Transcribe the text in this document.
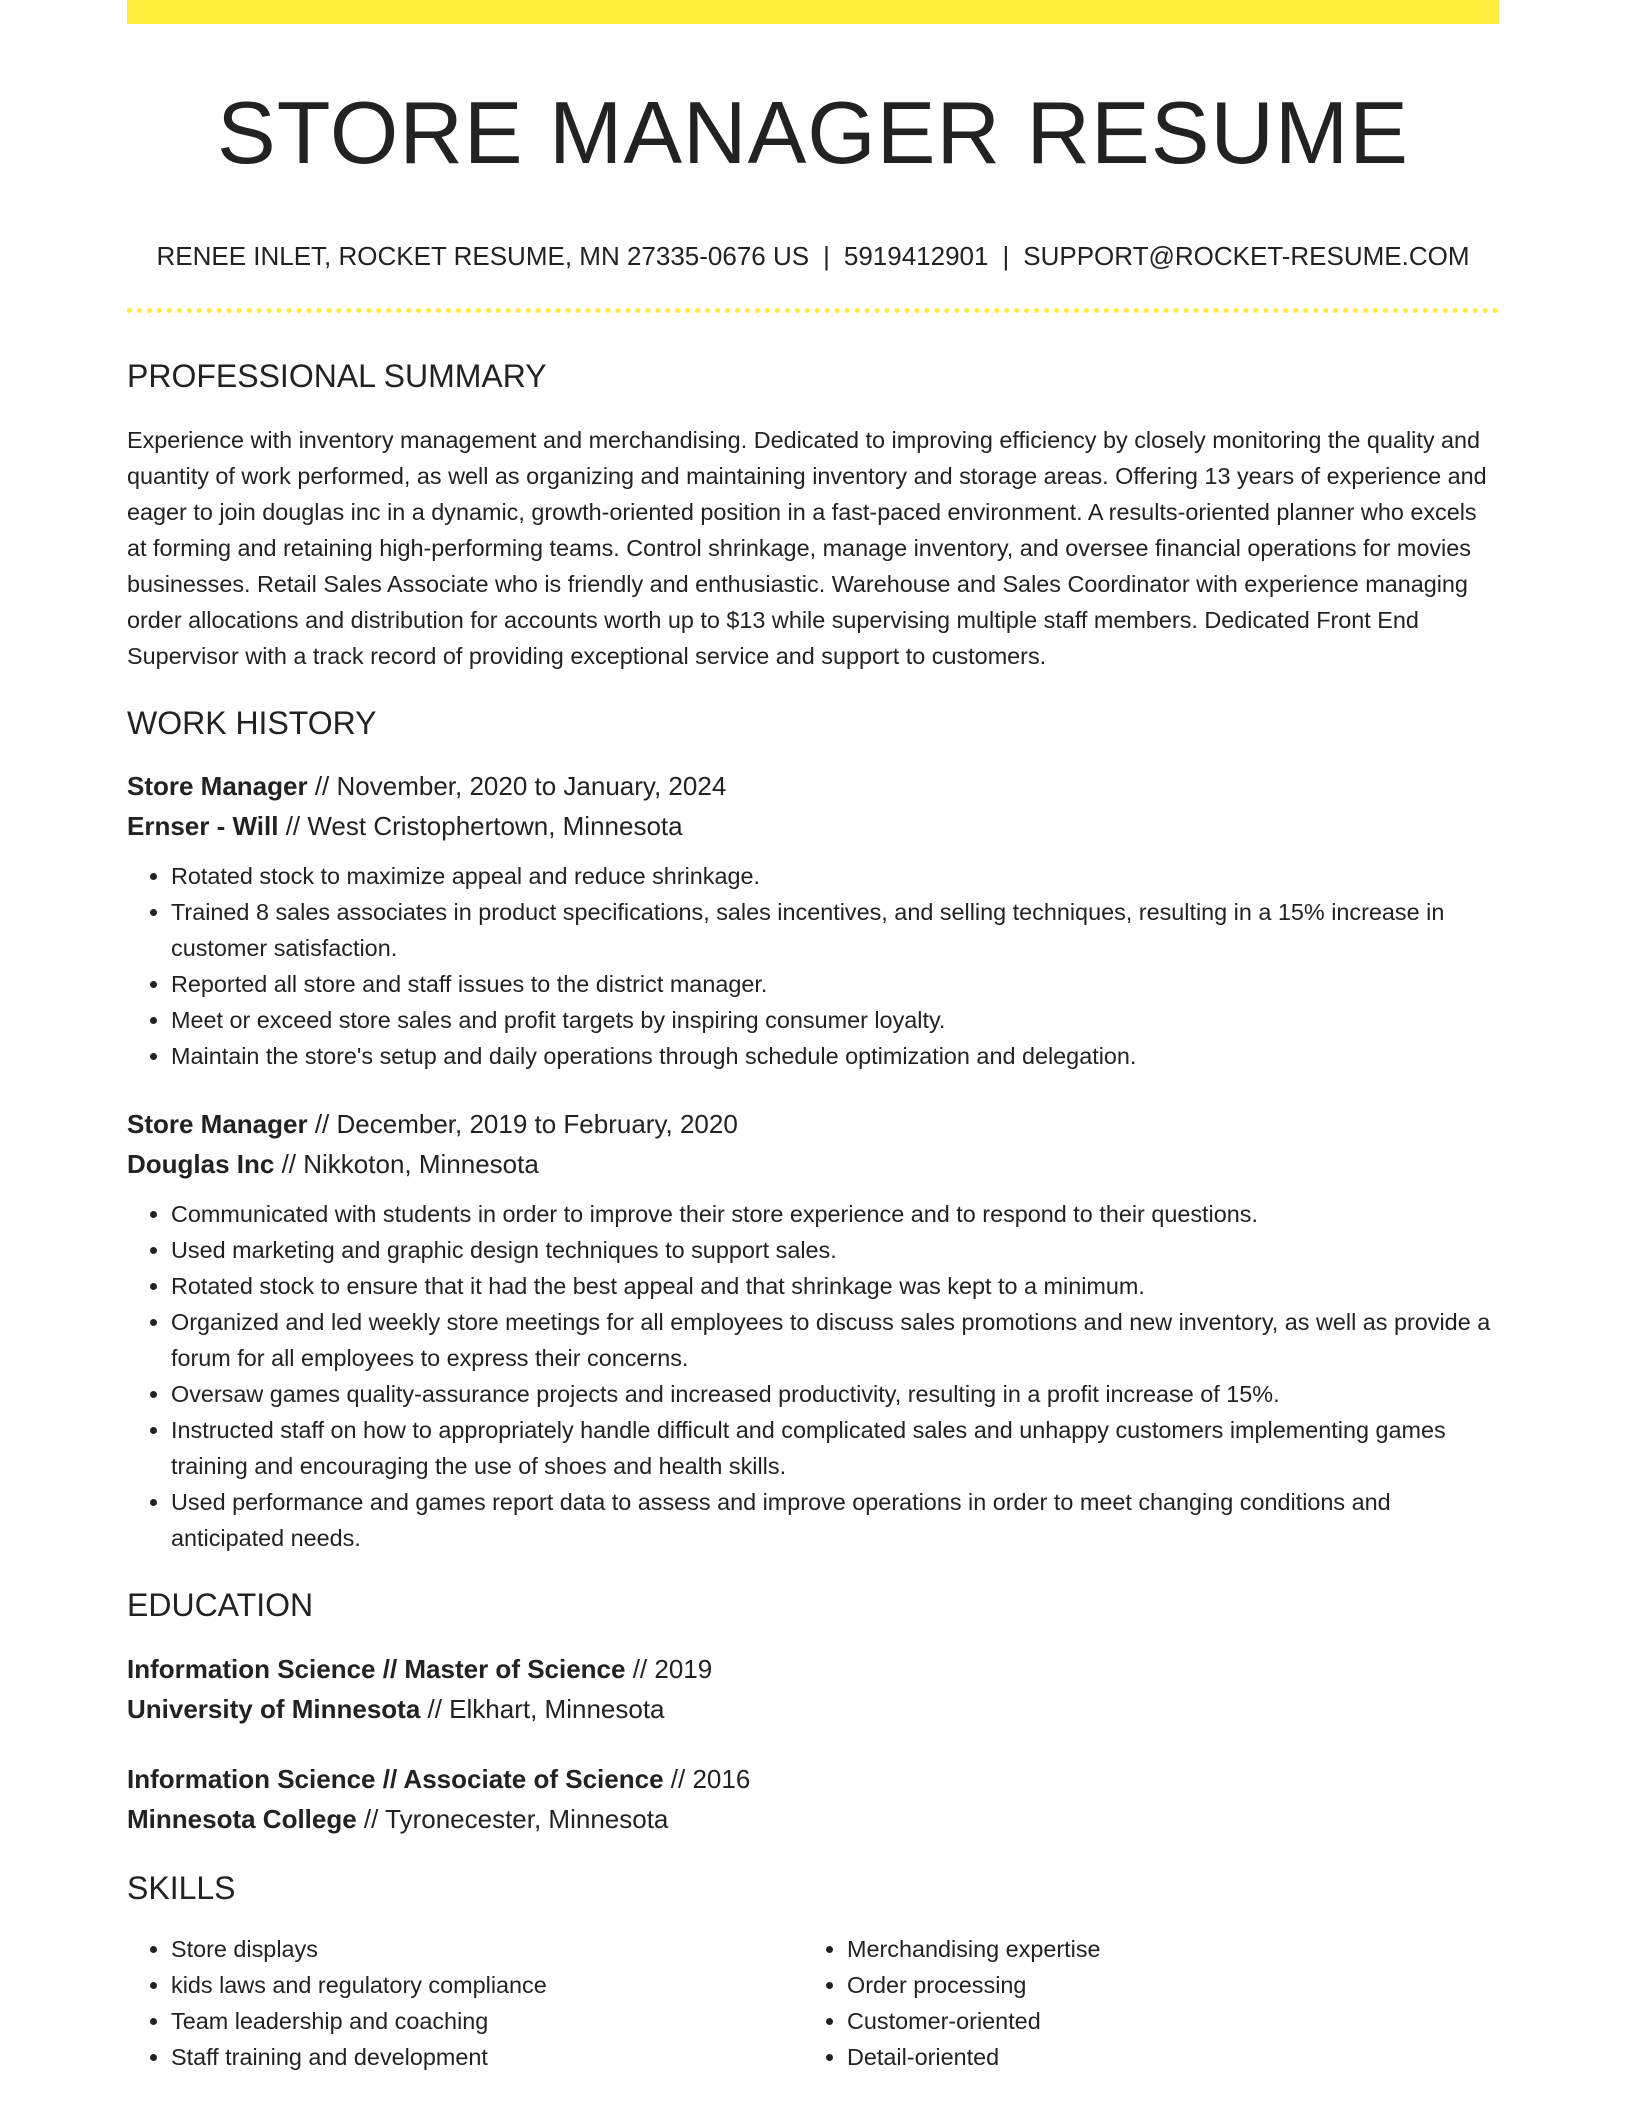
STORE MANAGER RESUME
RENEE INLET, ROCKET RESUME, MN 27335-0676 US | 5919412901 | SUPPORT@ROCKET-RESUME.COM
PROFESSIONAL SUMMARY

Experience with inventory management and merchandising. Dedicated to improving efficiency by closely monitoring the quality and quantity of work performed, as well as organizing and maintaining inventory and storage areas. Offering 13 years of experience and eager to join douglas inc in a dynamic, growth-oriented position in a fast-paced environment. A results-oriented planner who excels at forming and retaining high-performing teams. Control shrinkage, manage inventory, and oversee financial operations for movies businesses. Retail Sales Associate who is friendly and enthusiastic. Warehouse and Sales Coordinator with experience managing order allocations and distribution for accounts worth up to $13 while supervising multiple staff members. Dedicated Front End Supervisor with a track record of providing exceptional service and support to customers.

WORK HISTORY
Store Manager // November, 2020 to January, 2024
Ernser - Will // West Cristophertown, Minnesota
• Rotated stock to maximize appeal and reduce shrinkage.
• Trained 8 sales associates in product specifications, sales incentives, and selling techniques, resulting in a 15% increase in customer satisfaction.
• Reported all store and staff issues to the district manager.
• Meet or exceed store sales and profit targets by inspiring consumer loyalty.
• Maintain the store's setup and daily operations through schedule optimization and delegation.
Store Manager // December, 2019 to February, 2020
Douglas Inc // Nikkoton, Minnesota
• Communicated with students in order to improve their store experience and to respond to their questions.
• Used marketing and graphic design techniques to support sales.
• Rotated stock to ensure that it had the best appeal and that shrinkage was kept to a minimum.
• Organized and led weekly store meetings for all employees to discuss sales promotions and new inventory, as well as provide a forum for all employees to express their concerns.
• Oversaw games quality-assurance projects and increased productivity, resulting in a profit increase of 15%.
• Instructed staff on how to appropriately handle difficult and complicated sales and unhappy customers implementing games training and encouraging the use of shoes and health skills.
• Used performance and games report data to assess and improve operations in order to meet changing conditions and anticipated needs.
EDUCATION
Information Science // Master of Science // 2019
University of Minnesota // Elkhart, Minnesota
Information Science // Associate of Science // 2016
Minnesota College // Tyronecester, Minnesota
SKILLS
• Store displays
• kids laws and regulatory compliance
• Team leadership and coaching
• Staff training and development
• Merchandising expertise
• Order processing
• Customer-oriented
• Detail-oriented
